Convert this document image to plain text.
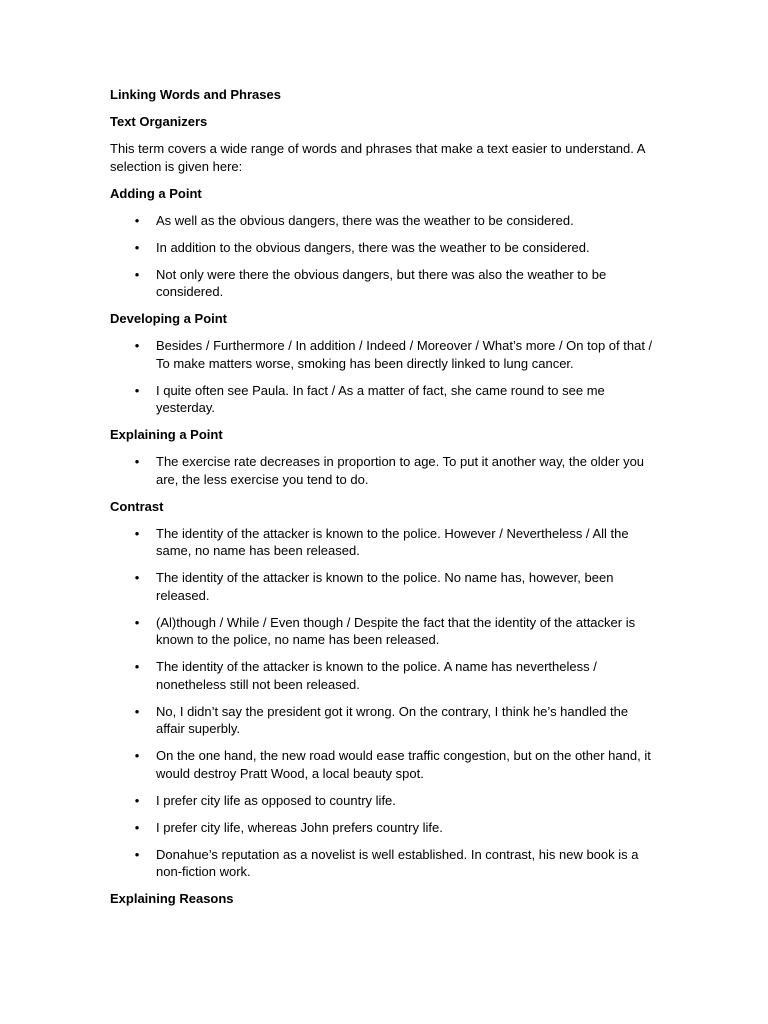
Linking Words and Phrases

Text Organizers

This term covers a wide range of words and phrases that make a text easier to understand. A selection is given here:

Adding a Point

• As well as the obvious dangers, there was the weather to be considered.
• In addition to the obvious dangers, there was the weather to be considered.
• Not only were there the obvious dangers, but there was also the weather to be considered.

Developing a Point

• Besides / Furthermore / In addition / Indeed / Moreover / What’s more / On top of that / To make matters worse, smoking has been directly linked to lung cancer.
• I quite often see Paula. In fact / As a matter of fact, she came round to see me yesterday.

Explaining a Point

• The exercise rate decreases in proportion to age. To put it another way, the older you are, the less exercise you tend to do.

Contrast

• The identity of the attacker is known to the police. However / Nevertheless / All the same, no name has been released.
• The identity of the attacker is known to the police. No name has, however, been released.
• (Al)though / While / Even though / Despite the fact that the identity of the attacker is known to the police, no name has been released.
• The identity of the attacker is known to the police. A name has nevertheless / nonetheless still not been released.
• No, I didn’t say the president got it wrong. On the contrary, I think he’s handled the affair superbly.
• On the one hand, the new road would ease traffic congestion, but on the other hand, it would destroy Pratt Wood, a local beauty spot.
• I prefer city life as opposed to country life.
• I prefer city life, whereas John prefers country life.
• Donahue’s reputation as a novelist is well established. In contrast, his new book is a non-fiction work.

Explaining Reasons
